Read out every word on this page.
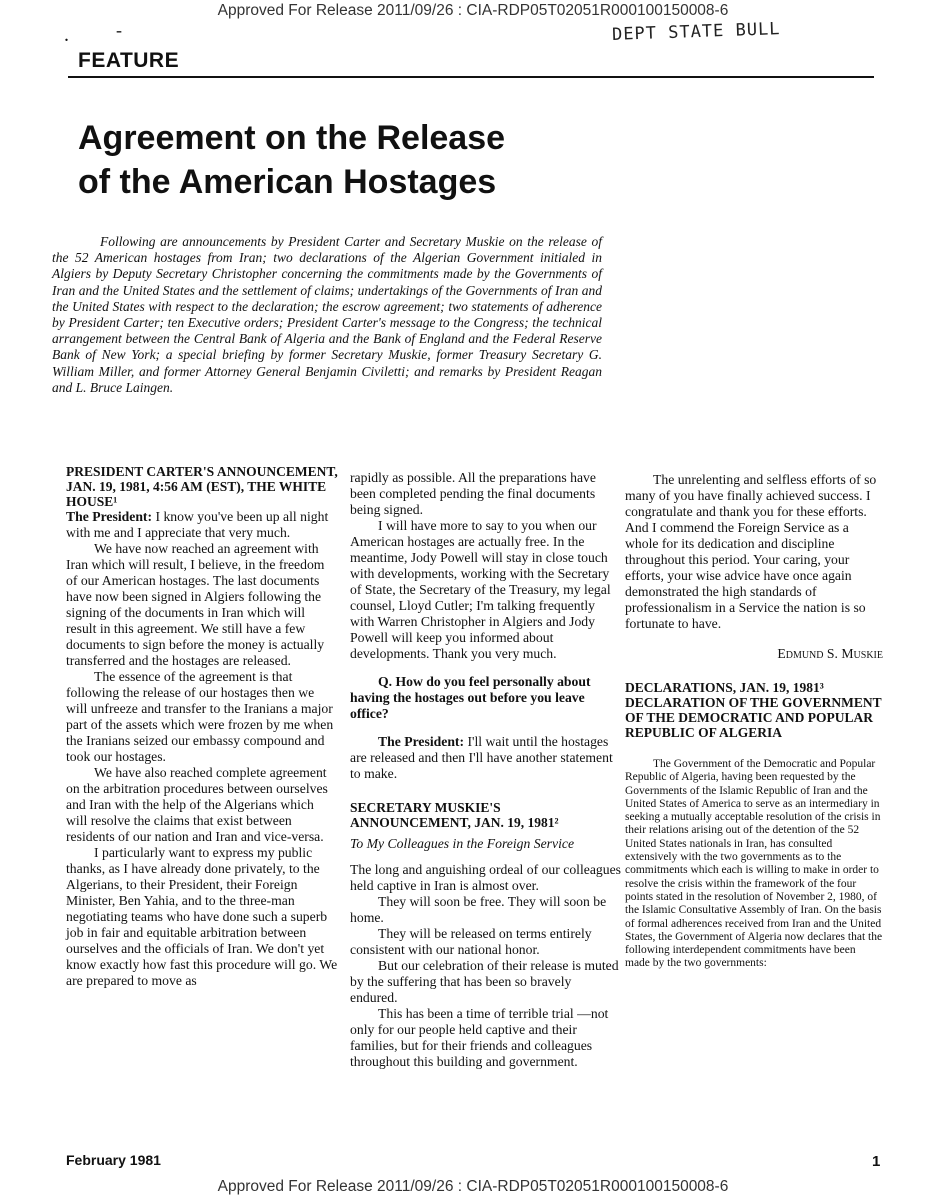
Approved For Release 2011/09/26 : CIA-RDP05T02051R000100150008-6
.	-	DEPT STATE BULL
FEATURE
Agreement on the Release
of the American Hostages

Following are announcements by President Carter and Secretary Muskie on the release of the 52 American hostages from Iran; two declarations of the Algerian Government initialed in Algiers by Deputy Secretary Christopher concerning the commitments made by the Governments of Iran and the United States and the settlement of claims; undertakings of the Governments of Iran and the United States with respect to the declaration; the escrow agreement; two statements of adherence by President Carter; ten Executive orders; President Carter's message to the Congress; the technical arrangement between the Central Bank of Algeria and the Bank of England and the Federal Reserve Bank of New York; a special briefing by former Secretary Muskie, former Treasury Secretary G. William Miller, and former Attorney General Benjamin Civiletti; and remarks by President Reagan and L. Bruce Laingen.

PRESIDENT CARTER'S ANNOUNCEMENT, JAN. 19, 1981, 4:56 AM (EST), THE WHITE HOUSE¹

The President: I know you've been up all night with me and I appreciate that very much.

We have now reached an agreement with Iran which will result, I believe, in the freedom of our American hostages. The last documents have now been signed in Algiers following the signing of the documents in Iran which will result in this agreement. We still have a few documents to sign before the money is actually transferred and the hostages are released.

The essence of the agreement is that following the release of our hostages then we will unfreeze and transfer to the Iranians a major part of the assets which were frozen by me when the Iranians seized our embassy compound and took our hostages.

We have also reached complete agreement on the arbitration procedures between ourselves and Iran with the help of the Algerians which will resolve the claims that exist between residents of our nation and Iran and vice-versa.

I particularly want to express my public thanks, as I have already done privately, to the Algerians, to their President, their Foreign Minister, Ben Yahia, and to the three-man negotiating teams who have done such a superb job in fair and equitable arbitration between ourselves and the officials of Iran. We don't yet know exactly how fast this procedure will go. We are prepared to move as

rapidly as possible. All the preparations have been completed pending the final documents being signed.

I will have more to say to you when our American hostages are actually free. In the meantime, Jody Powell will stay in close touch with developments, working with the Secretary of State, the Secretary of the Treasury, my legal counsel, Lloyd Cutler; I'm talking frequently with Warren Christopher in Algiers and Jody Powell will keep you informed about developments. Thank you very much.

Q. How do you feel personally about having the hostages out before you leave office?

The President: I'll wait until the hostages are released and then I'll have another statement to make.

SECRETARY MUSKIE'S ANNOUNCEMENT, JAN. 19, 1981²

To My Colleagues in the Foreign Service

The long and anguishing ordeal of our colleagues held captive in Iran is almost over.

They will soon be free. They will soon be home.

They will be released on terms entirely consistent with our national honor.

But our celebration of their release is muted by the suffering that has been so bravely endured.

This has been a time of terrible trial —not only for our people held captive and their families, but for their friends and colleagues throughout this building and government.

The unrelenting and selfless efforts of so many of you have finally achieved success. I congratulate and thank you for these efforts. And I commend the Foreign Service as a whole for its dedication and discipline throughout this period. Your caring, your efforts, your wise advice have once again demonstrated the high standards of professionalism in a Service the nation is so fortunate to have.

Edmund S. Muskie

DECLARATIONS, JAN. 19, 1981³

DECLARATION OF THE GOVERNMENT OF THE DEMOCRATIC AND POPULAR REPUBLIC OF ALGERIA

The Government of the Democratic and Popular Republic of Algeria, having been requested by the Governments of the Islamic Republic of Iran and the United States of America to serve as an intermediary in seeking a mutually acceptable resolution of the crisis in their relations arising out of the detention of the 52 United States nationals in Iran, has consulted extensively with the two governments as to the commitments which each is willing to make in order to resolve the crisis within the framework of the four points stated in the resolution of November 2, 1980, of the Islamic Consultative Assembly of Iran. On the basis of formal adherences received from Iran and the United States, the Government of Algeria now declares that the following interdependent commitments have been made by the two governments:

February 1981	1
Approved For Release 2011/09/26 : CIA-RDP05T02051R000100150008-6
